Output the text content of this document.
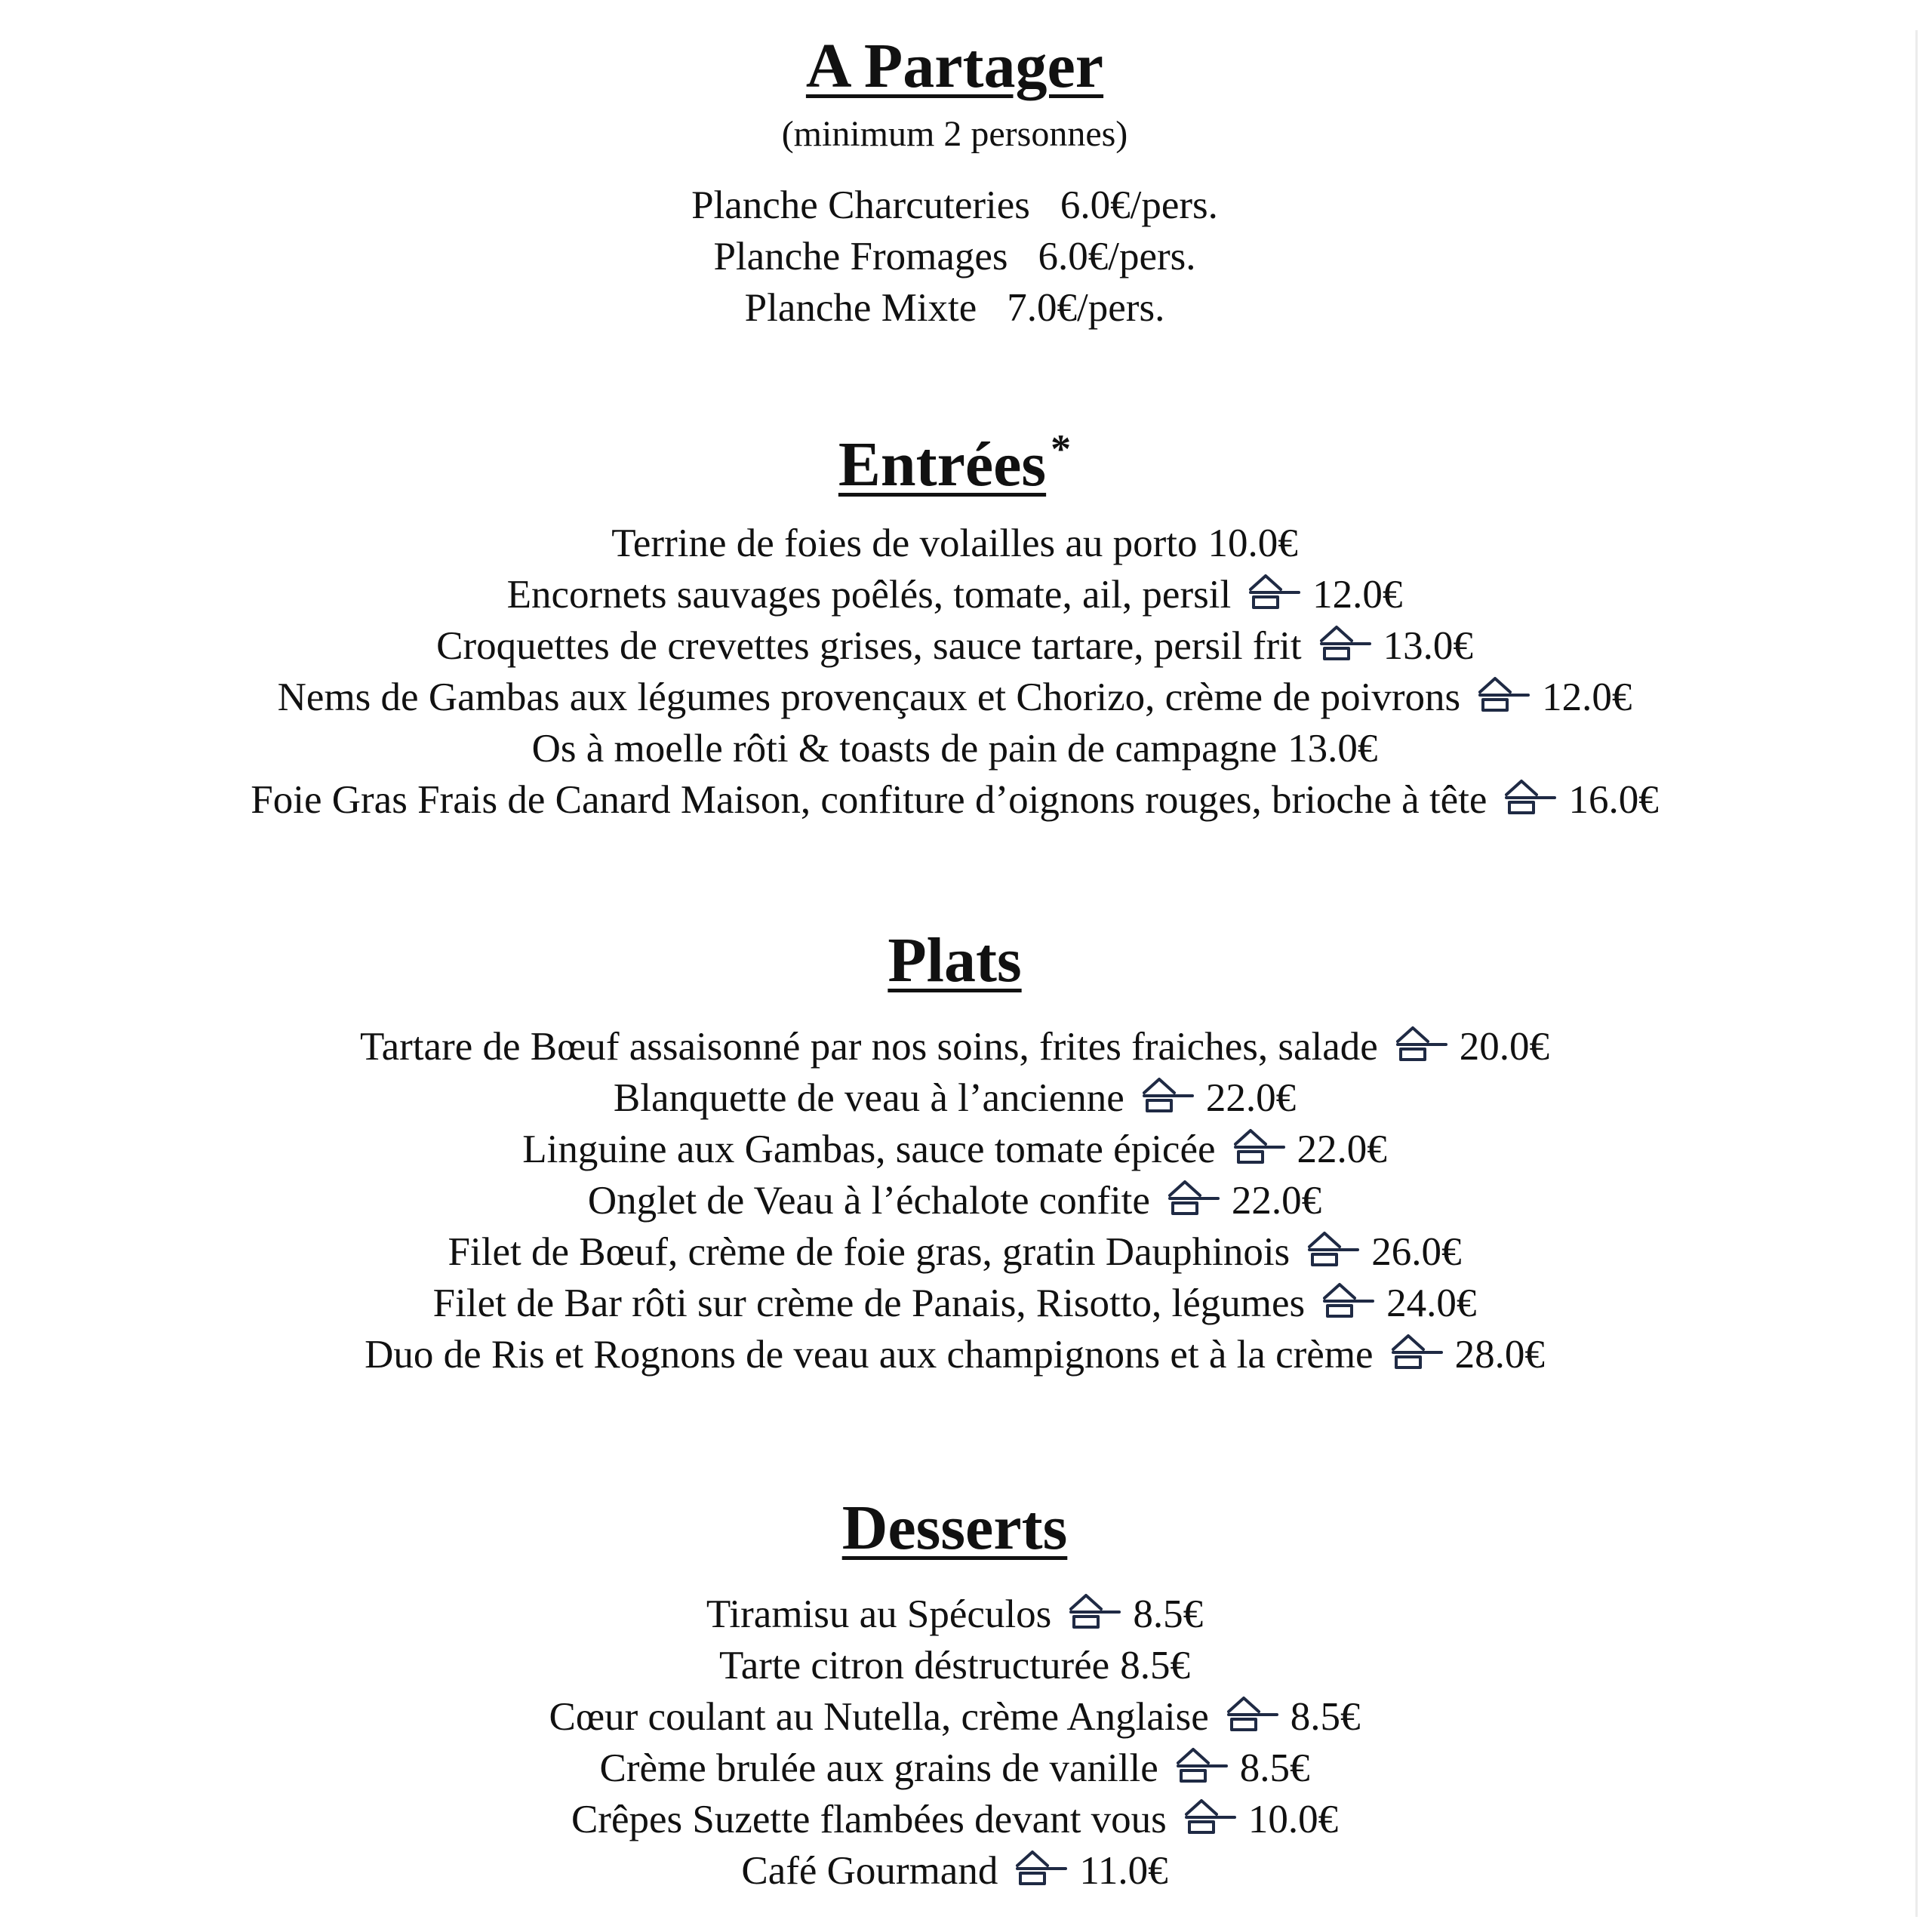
A Partager
(minimum 2 personnes)
Planche Charcuteries 6.0€/pers.
Planche Fromages 6.0€/pers.
Planche Mixte 7.0€/pers.
Entrées *
Terrine de foies de volailles au porto 10.0€
Encornets sauvages poêlés, tomate, ail, persil 12.0€
Croquettes de crevettes grises, sauce tartare, persil frit 13.0€
Nems de Gambas aux légumes provençaux et Chorizo, crème de poivrons 12.0€
Os à moelle rôti & toasts de pain de campagne 13.0€
Foie Gras Frais de Canard Maison, confiture d’oignons rouges, brioche à tête 16.0€
Plats
Tartare de Bœuf assaisonné par nos soins, frites fraiches, salade 20.0€
Blanquette de veau à l’ancienne 22.0€
Linguine aux Gambas, sauce tomate épicée 22.0€
Onglet de Veau à l’échalote confite 22.0€
Filet de Bœuf, crème de foie gras, gratin Dauphinois 26.0€
Filet de Bar rôti sur crème de Panais, Risotto, légumes 24.0€
Duo de Ris et Rognons de veau aux champignons et à la crème 28.0€
Desserts
Tiramisu au Spéculos 8.5€
Tarte citron déstructurée 8.5€
Cœur coulant au Nutella, crème Anglaise 8.5€
Crème brulée aux grains de vanille 8.5€
Crêpes Suzette flambées devant vous 10.0€
Café Gourmand 11.0€
